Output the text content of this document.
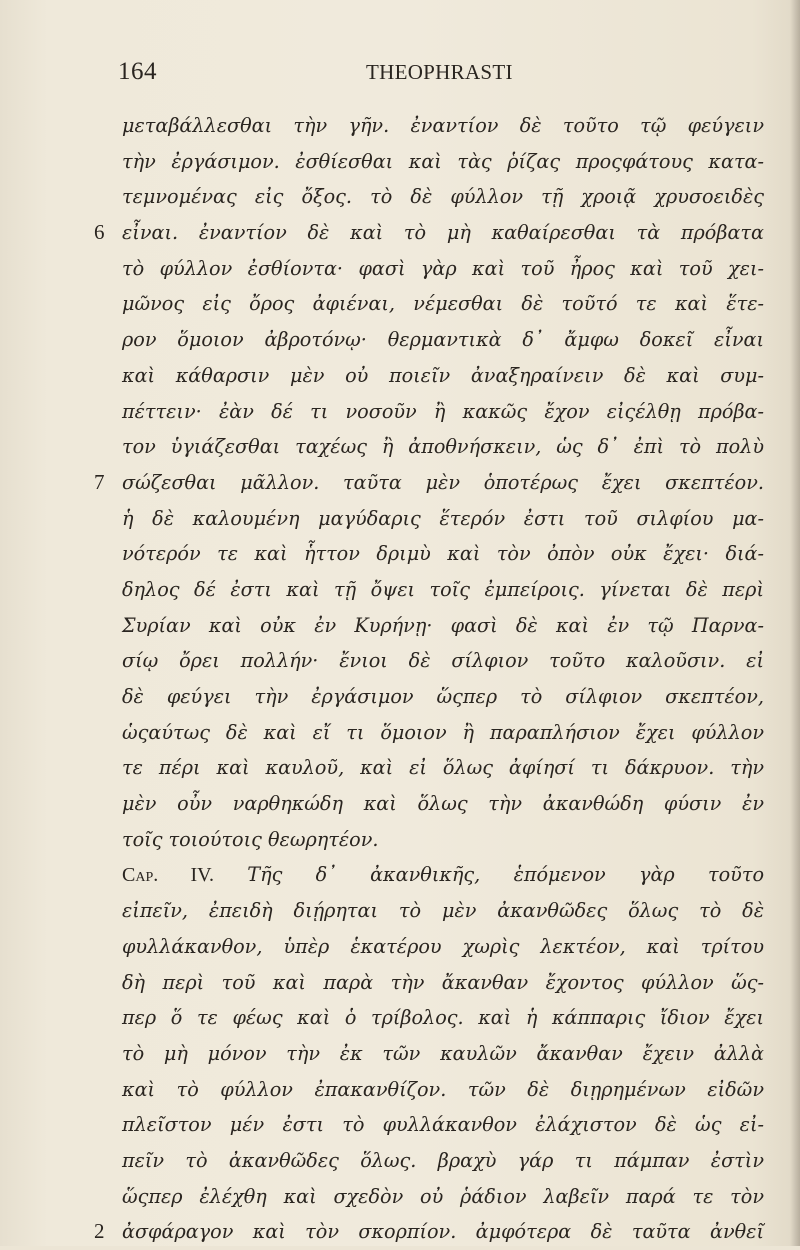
164	THEOPHRASTI
μεταβάλλεσθαι τὴν γῆν. ἐναντίον δὲ τοῦτο τῷ φεύγειν
τὴν ἐργάσιμον. ἐσθίεσθαι καὶ τὰς ῥίζας προςφάτους κατα-
τεμνομένας εἰς ὄξος. τὸ δὲ φύλλον τῇ χροιᾷ χρυσοειδὲς
6 εἶναι. ἐναντίον δὲ καὶ τὸ μὴ καθαίρεσθαι τὰ πρόβατα
τὸ φύλλον ἐσθίοντα· φασὶ γὰρ καὶ τοῦ ἦρος καὶ τοῦ χει-
μῶνος εἰς ὄρος ἀφιέναι, νέμεσθαι δὲ τοῦτό τε καὶ ἕτε-
ρον ὅμοιον ἀβροτόνῳ· θερμαντικὰ δ᾿ ἄμφω δοκεῖ εἶναι
καὶ κάθαρσιν μὲν οὐ ποιεῖν ἀναξηραίνειν δὲ καὶ συμ-
πέττειν· ἐὰν δέ τι νοσοῦν ἢ κακῶς ἔχον εἰςέλθῃ πρόβα-
τον ὑγιάζεσθαι ταχέως ἢ ἀποθνήσκειν, ὡς δ᾿ ἐπὶ τὸ πολὺ
7 σώζεσθαι μᾶλλον. ταῦτα μὲν ὁποτέρως ἔχει σκεπτέον.
ἡ δὲ καλουμένη μαγύδαρις ἕτερόν ἐστι τοῦ σιλφίου μα-
νότερόν τε καὶ ἧττον δριμὺ καὶ τὸν ὀπὸν οὐκ ἔχει· διά-
δηλος δέ ἐστι καὶ τῇ ὄψει τοῖς ἐμπείροις. γίνεται δὲ περὶ
Συρίαν καὶ οὐκ ἐν Κυρήνῃ· φασὶ δὲ καὶ ἐν τῷ Παρνα-
σίῳ ὄρει πολλήν· ἔνιοι δὲ σίλφιον τοῦτο καλοῦσιν. εἰ
δὲ φεύγει τὴν ἐργάσιμον ὥςπερ τὸ σίλφιον σκεπτέον,
ὡςαύτως δὲ καὶ εἴ τι ὅμοιον ἢ παραπλήσιον ἔχει φύλλον
τε πέρι καὶ καυλοῦ, καὶ εἰ ὅλως ἀφίησί τι δάκρυον. τὴν
μὲν οὖν ναρθηκώδη καὶ ὅλως τὴν ἀκανθώδη φύσιν ἐν
τοῖς τοιούτοις θεωρητέον.
Cap. IV. Τῆς δ᾿ ἀκανθικῆς, ἑπόμενον γὰρ τοῦτο
εἰπεῖν, ἐπειδὴ διῄρηται τὸ μὲν ἀκανθῶδες ὅλως τὸ δὲ
φυλλάκανθον, ὑπὲρ ἑκατέρου χωρὶς λεκτέον, καὶ τρίτου
δὴ περὶ τοῦ καὶ παρὰ τὴν ἄκανθαν ἔχοντος φύλλον ὥς-
περ ὅ τε φέως καὶ ὁ τρίβολος. καὶ ἡ κάππαρις ἴδιον ἔχει
τὸ μὴ μόνον τὴν ἐκ τῶν καυλῶν ἄκανθαν ἔχειν ἀλλὰ
καὶ τὸ φύλλον ἐπακανθίζον. τῶν δὲ διῃρημένων εἰδῶν
πλεῖστον μέν ἐστι τὸ φυλλάκανθον ἐλάχιστον δὲ ὡς εἰ-
πεῖν τὸ ἀκανθῶδες ὅλως. βραχὺ γάρ τι πάμπαν ἐστὶν
ὥςπερ ἐλέχθη καὶ σχεδὸν οὐ ῥάδιον λαβεῖν παρά τε τὸν
2 ἀσφάραγον καὶ τὸν σκορπίον. ἀμφότερα δὲ ταῦτα ἀνθεῖ
